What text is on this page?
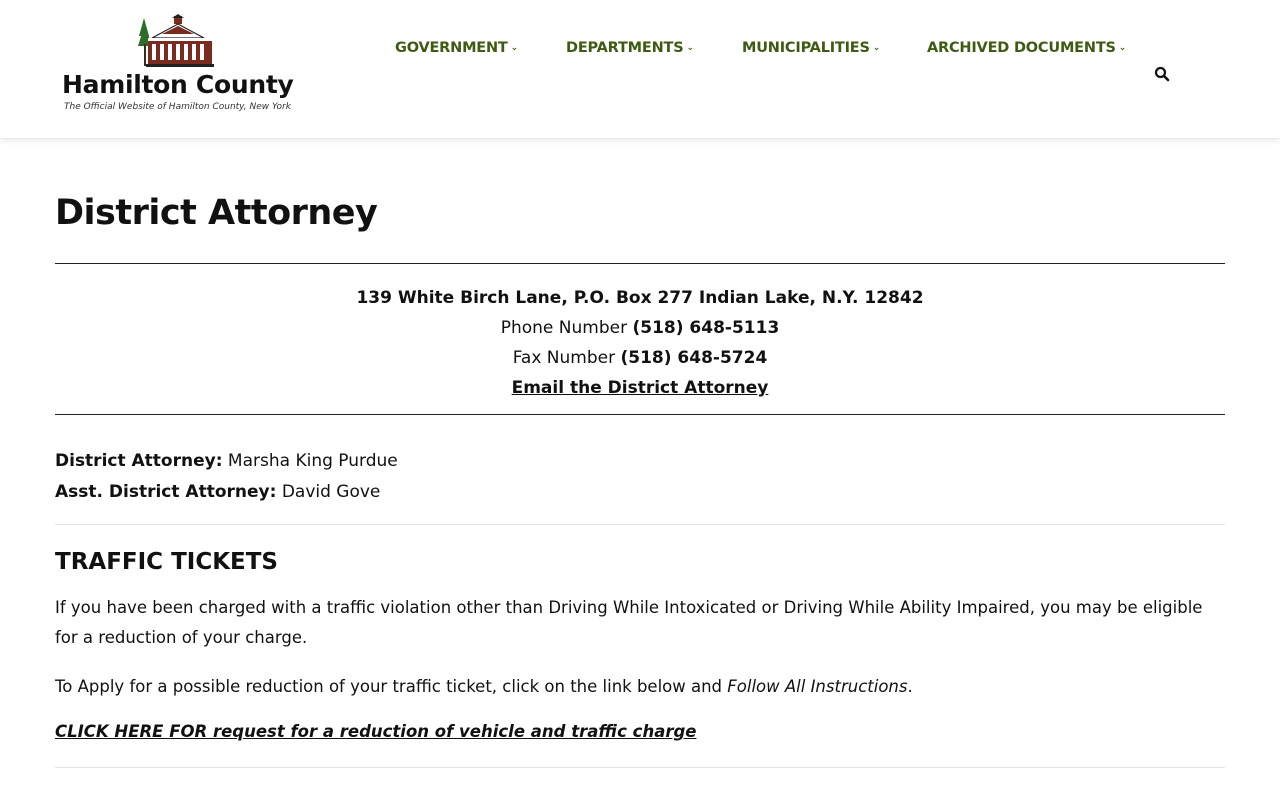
Hamilton County
The Official Website of Hamilton County, New York
GOVERNMENT ⌄	DEPARTMENTS ⌄	MUNICIPALITIES ⌄	ARCHIVED DOCUMENTS ⌄
District Attorney
139 White Birch Lane, P.O. Box 277 Indian Lake, N.Y. 12842
Phone Number (518) 648-5113
Fax Number (518) 648-5724
Email the District Attorney
District Attorney: Marsha King Purdue
Asst. District Attorney: David Gove
TRAFFIC TICKETS

If you have been charged with a traffic violation other than Driving While Intoxicated or Driving While Ability Impaired, you may be eligible for a reduction of your charge.

To Apply for a possible reduction of your traffic ticket, click on the link below and Follow All Instructions.

CLICK HERE FOR request for a reduction of vehicle and traffic charge
